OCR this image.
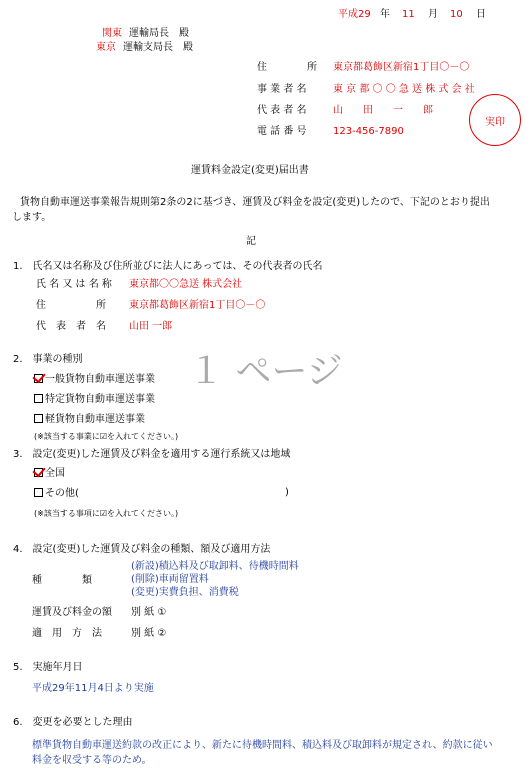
平成29 年 11 月 10 日
関東 運輸局長　殿
東京 運輸支局長　殿
住　　　　所 東京都葛飾区新宿1丁目〇－〇
事 業 者 名	東 京 都 〇 〇 急 送 株 式 会 社
代 表 者 名	山　　田　　一　　郎
電 話 番 号	123-456-7890
実印
運賃料金設定(変更)届出書
貨物自動車運送事業報告規則第2条の2に基づき、運賃及び料金を設定(変更)したので、下記のとおり提出します。
記
1.　氏名又は名称及び住所並びに法人にあっては、その代表者の氏名
氏 名 又 は 名 称 東京都〇〇急送 株式会社
住　　　　　所 東京都葛飾区新宿1丁目〇－〇
代　表　者　名 山田 一郎
2.　事業の種別
一般貨物自動車運送事業
特定貨物自動車運送事業
軽貨物自動車運送事業
(※該当する事業に☑を入れてください。)
１ ページ
3.　設定(変更)した運賃及び料金を適用する運行系統又は地域
全国
その他(	)
(※該当する事項に☑を入れてください。)
4.　設定(変更)した運賃及び料金の種類、額及び適用方法
種　　　　類
(新設)積込料及び取卸料、待機時間料
(削除)車両留置料
(変更)実費負担、消費税
運賃及び料金の額 別 紙 ①
適　用　方　法	別 紙 ②
5.　実施年月日
平成29年11月4日より実施
6.　変更を必要とした理由
標準貨物自動車運送約款の改正により、新たに待機時間料、積込料及び取卸料が規定され、約款に従い料金を収受する等のため。
